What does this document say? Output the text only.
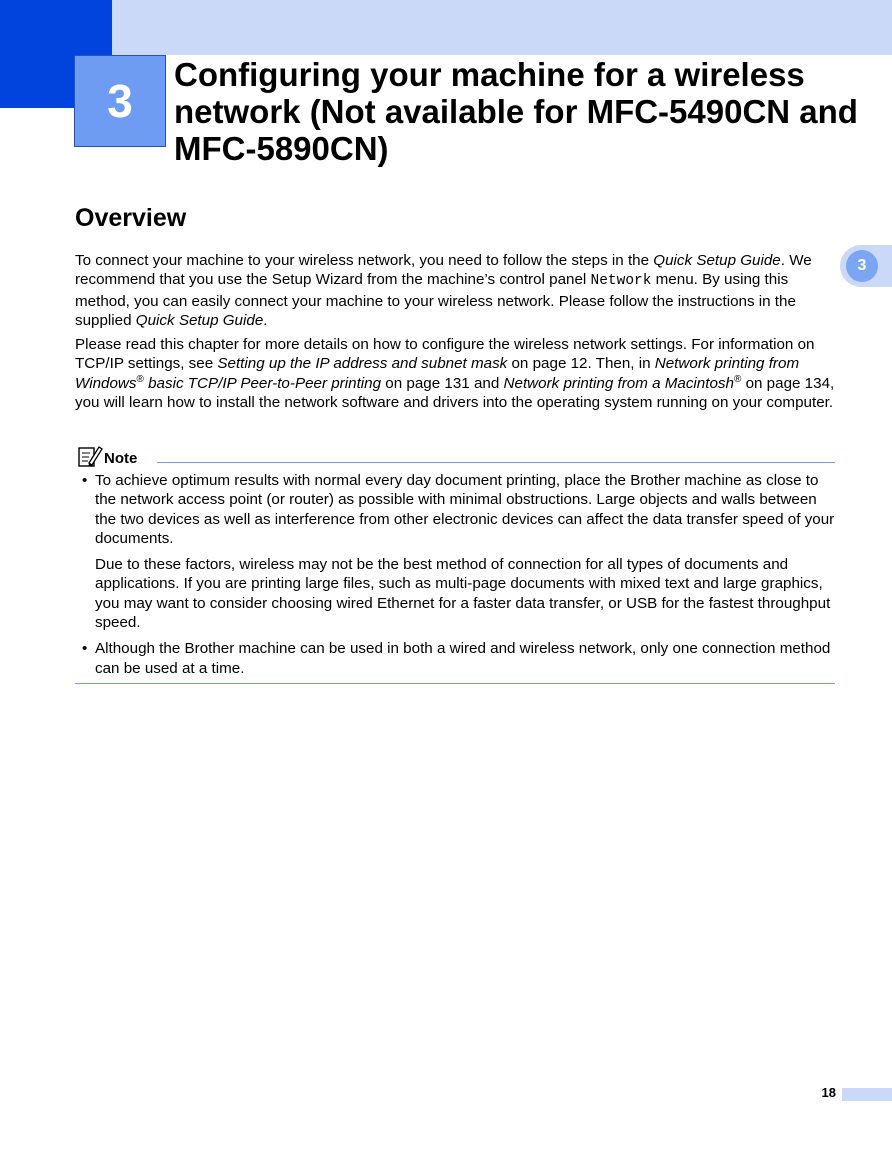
3
Configuring your machine for a wireless network (Not available for MFC-5490CN and MFC-5890CN)
3
Overview

To connect your machine to your wireless network, you need to follow the steps in the Quick Setup Guide. We recommend that you use the Setup Wizard from the machine’s control panel Network menu. By using this method, you can easily connect your machine to your wireless network. Please follow the instructions in the supplied Quick Setup Guide.

Please read this chapter for more details on how to configure the wireless network settings. For information on TCP/IP settings, see Setting up the IP address and subnet mask on page 12. Then, in Network printing from Windows® basic TCP/IP Peer-to-Peer printing on page 131 and Network printing from a Macintosh® on page 134, you will learn how to install the network software and drivers into the operating system running on your computer.

Note
• To achieve optimum results with normal every day document printing, place the Brother machine as close to the network access point (or router) as possible with minimal obstructions. Large objects and walls between the two devices as well as interference from other electronic devices can affect the data transfer speed of your documents.

Due to these factors, wireless may not be the best method of connection for all types of documents and applications. If you are printing large files, such as multi-page documents with mixed text and large graphics, you may want to consider choosing wired Ethernet for a faster data transfer, or USB for the fastest throughput speed.

• Although the Brother machine can be used in both a wired and wireless network, only one connection method can be used at a time.

18
